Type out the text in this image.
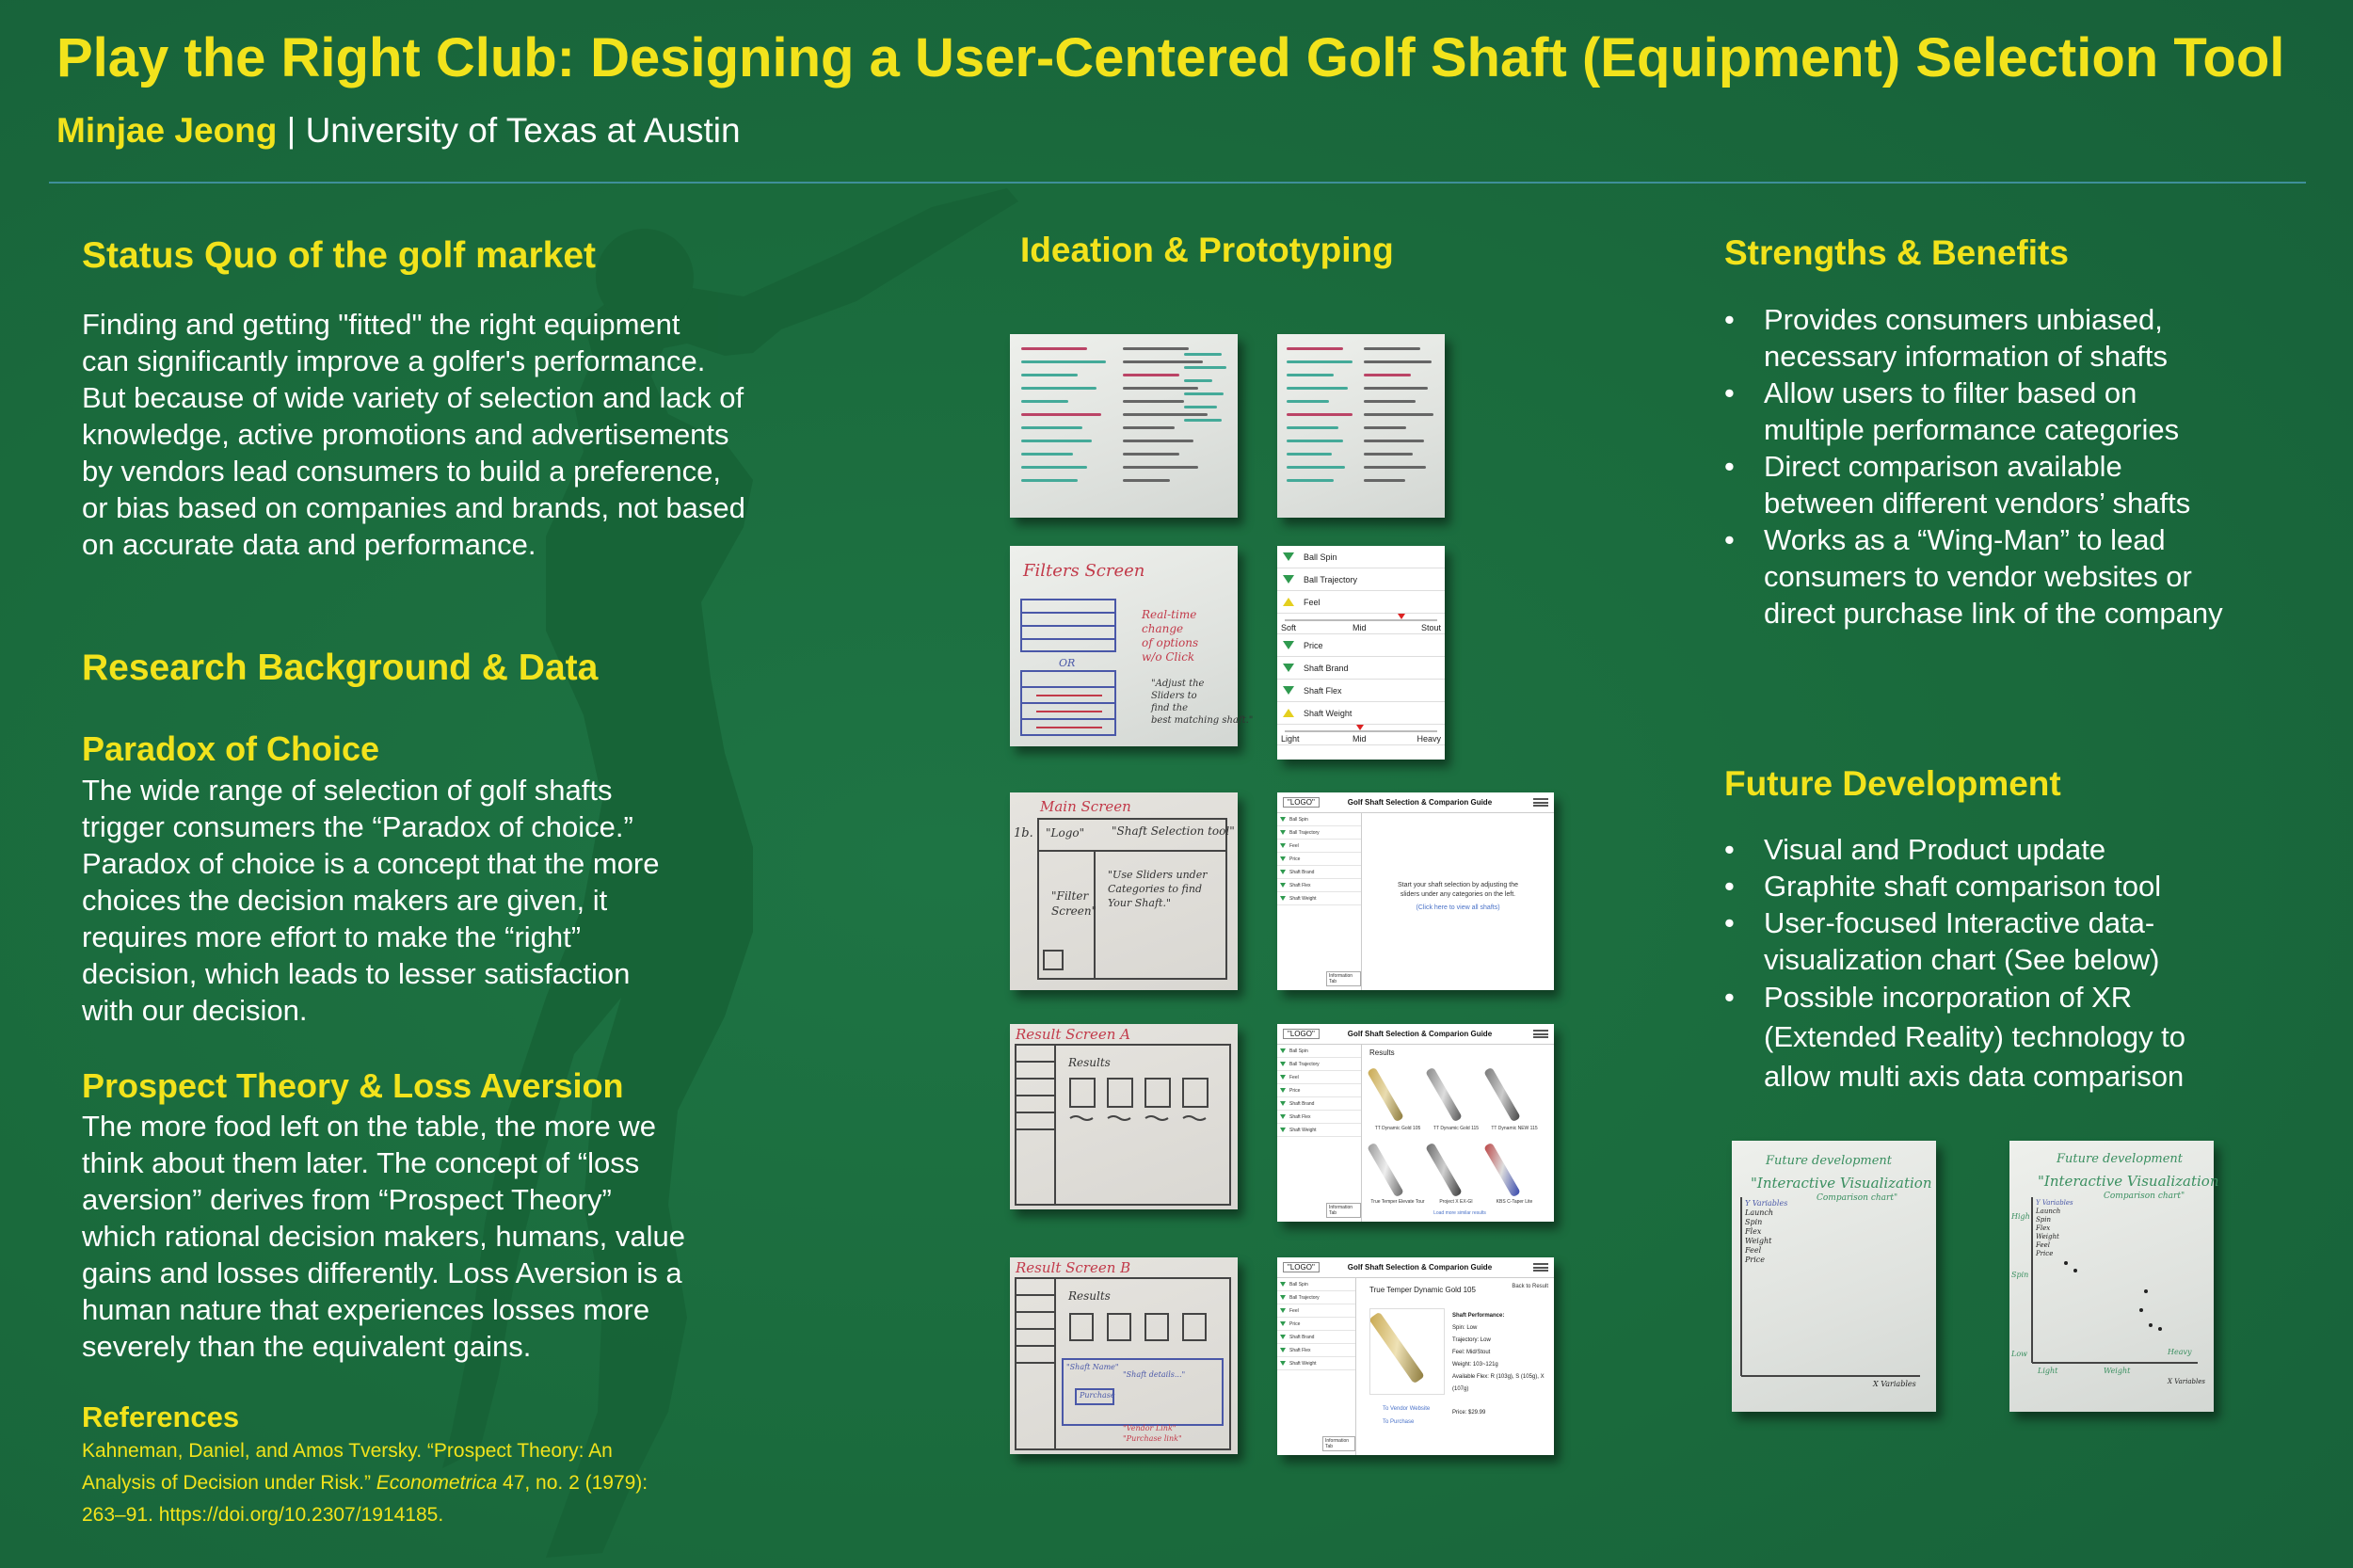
Play the Right Club: Designing a User-Centered Golf Shaft (Equipment) Selection Tool
Minjae Jeong | University of Texas at Austin
Status Quo of the golf market
Finding and getting "fitted" the right equipment
can significantly improve a golfer's performance.
But because of wide variety of selection and lack of
knowledge, active promotions and advertisements
by vendors lead consumers to build a preference,
or bias based on companies and brands, not based
on accurate data and performance.
Research Background & Data
Paradox of Choice
The wide range of selection of golf shafts
trigger consumers the “Paradox of choice.”
Paradox of choice is a concept that the more
choices the decision makers are given, it
requires more effort to make the “right”
decision, which leads to lesser satisfaction
with our decision.
Prospect Theory & Loss Aversion
The more food left on the table, the more we
think about them later. The concept of “loss
aversion” derives from “Prospect Theory”
which rational decision makers, humans, value
gains and losses differently. Loss Aversion is a
human nature that experiences losses more
severely than the equivalent gains.
References
Kahneman, Daniel, and Amos Tversky. “Prospect Theory: An
Analysis of Decision under Risk.” Econometrica 47, no. 2 (1979):
263–91. https://doi.org/10.2307/1914185.
Ideation & Prototyping
Filters Screen
OR
Real-time
change
of options
w/o Click
"Adjust the
Sliders to
find the
best matching shaft."
Ball Spin
Ball Trajectory
Feel
Soft	Mid	Stout
Price
Shaft Brand
Shaft Flex
Shaft Weight
Light	Mid	Heavy
Main Screen
1b. "Logo" "Shaft Selection tool"
"Filter
Screen"
"Use Sliders under
Categories to find
Your Shaft."
"LOGO"	Golf Shaft Selection & Comparion Guide
Ball Spin
Ball Trajectory
Feel
Price
Shaft Brand
Shaft Flex
Shaft Weight
Information Tab
Start your shaft selection by adjusting the
sliders under any categories on the left.
(Click here to view all shafts)
Result Screen A
Results
"LOGO"	Golf Shaft Selection & Comparion Guide
Ball Spin
Ball Trajectory
Feel
Price
Shaft Brand
Shaft Flex
Shaft Weight
Information Tab
Results
TT Dynamic Gold 105	TT Dynamic Gold 115	TT Dynamic NEW 115
True Temper Elevate Tour	Project X EX-GI	KBS C-Taper Lite
Load more similar results
Result Screen B
Results
"Shaft Name"
"Shaft details..."
Purchase
"Vendor Link"
"Purchase link"
"LOGO"	Golf Shaft Selection & Comparion Guide
Ball Spin
Ball Trajectory
Feel
Price
Shaft Brand
Shaft Flex
Shaft Weight
Information Tab
True Temper Dynamic Gold 105	Back to Result
Shaft Performance:
Spin: Low
Trajectory: Low
Feel: Mid/Stout
Weight: 103~121g
Available Flex: R (103g), S (105g), X (107g)
Price: $29.99
To Vendor Website
To Purchase
Strengths & Benefits
• Provides consumers unbiased,
necessary information of shafts
• Allow users to filter based on
multiple performance categories
• Direct comparison available
between different vendors’ shafts
• Works as a “Wing-Man” to lead
consumers to vendor websites or
direct purchase link of the company
Future Development
• Visual and Product update
• Graphite shaft comparison tool
• User-focused Interactive data-
visualization chart (See below)
• Possible incorporation of XR
(Extended Reality) technology to
allow multi axis data comparison
Future development
"Interactive Visualization
Comparison chart"
Y Variables
Launch
Spin
Flex
Weight
Feel
Price
X Variables
Future development
"Interactive Visualization
Comparison chart"
Y Variables
Launch
Spin
Flex
Weight
Feel
Price
High
Spin
Low
Light	Weight
Heavy
X Variables
